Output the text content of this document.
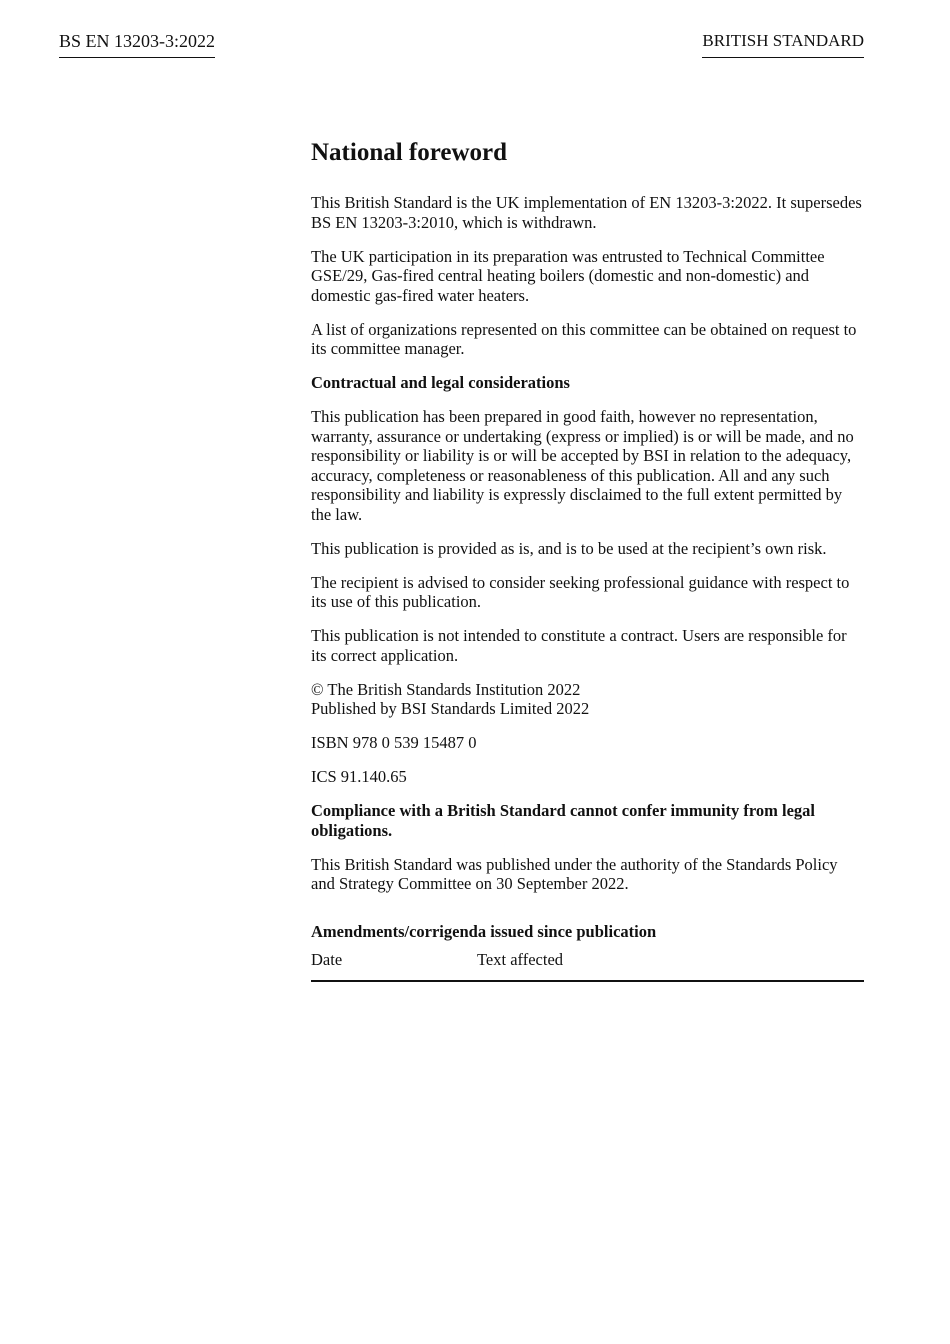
BS EN 13203-3:2022	BRITISH STANDARD
National foreword

This British Standard is the UK implementation of EN 13203-3:2022. It supersedes BS EN 13203-3:2010, which is withdrawn.

The UK participation in its preparation was entrusted to Technical Committee GSE/29, Gas-fired central heating boilers (domestic and non-domestic) and domestic gas-fired water heaters.

A list of organizations represented on this committee can be obtained on request to its committee manager.

Contractual and legal considerations

This publication has been prepared in good faith, however no representation, warranty, assurance or undertaking (express or implied) is or will be made, and no responsibility or liability is or will be accepted by BSI in relation to the adequacy, accuracy, completeness or reasonableness of this publication. All and any such responsibility and liability is expressly disclaimed to the full extent permitted by the law.

This publication is provided as is, and is to be used at the recipient’s own risk.

The recipient is advised to consider seeking professional guidance with respect to its use of this publication.

This publication is not intended to constitute a contract. Users are responsible for its correct application.

© The British Standards Institution 2022
Published by BSI Standards Limited 2022

ISBN 978 0 539 15487 0

ICS 91.140.65

Compliance with a British Standard cannot confer immunity from legal obligations.

This British Standard was published under the authority of the Standards Policy and Strategy Committee on 30 September 2022.

Amendments/corrigenda issued since publication
Date	Text affected
